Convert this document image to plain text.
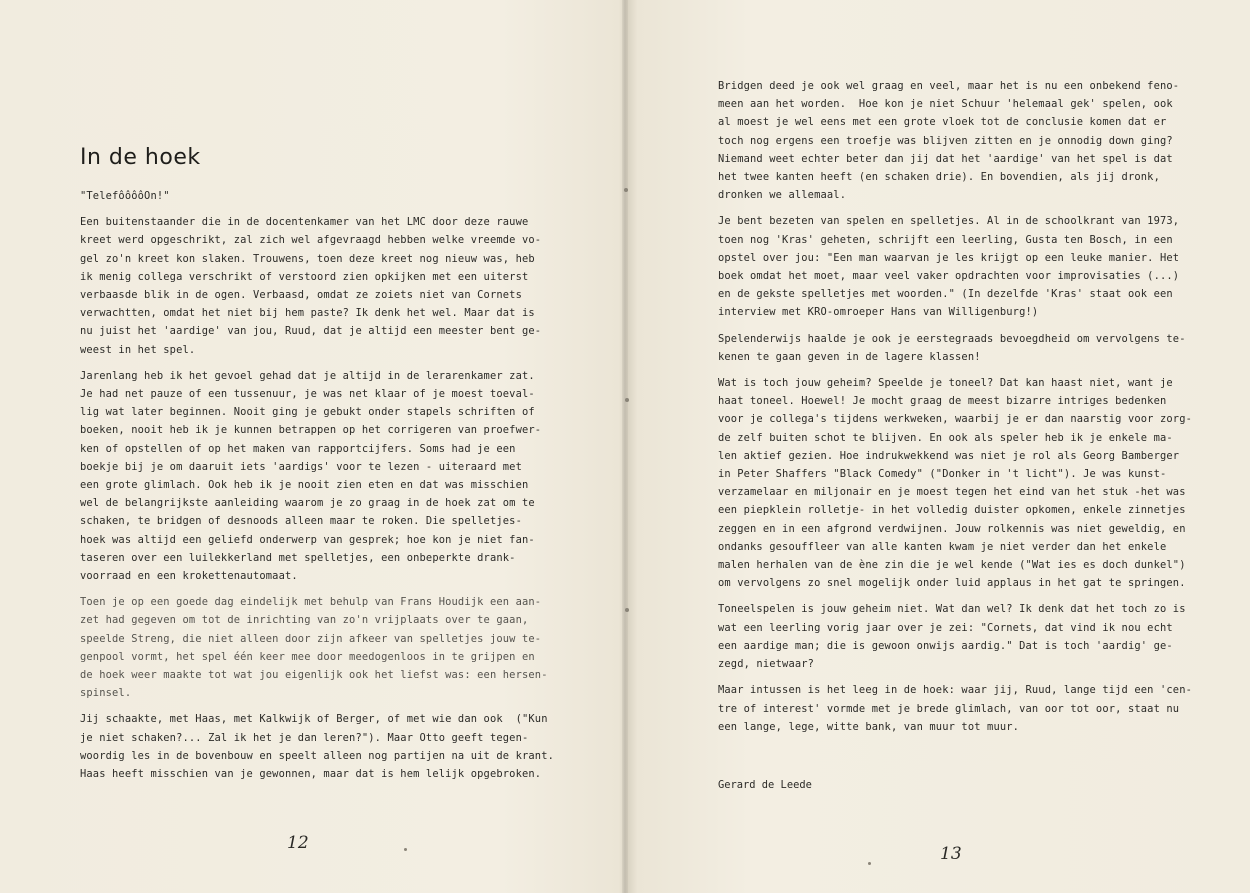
In de hoek

"TelefôôôôOn!"

Een buitenstaander die in de docentenkamer van het LMC door deze rauwe
kreet werd opgeschrikt, zal zich wel afgevraagd hebben welke vreemde vo-
gel zo'n kreet kon slaken. Trouwens, toen deze kreet nog nieuw was, heb
ik menig collega verschrikt of verstoord zien opkijken met een uiterst
verbaasde blik in de ogen. Verbaasd, omdat ze zoiets niet van Cornets
verwachtten, omdat het niet bij hem paste? Ik denk het wel. Maar dat is
nu juist het 'aardige' van jou, Ruud, dat je altijd een meester bent ge-
weest in het spel.

Jarenlang heb ik het gevoel gehad dat je altijd in de lerarenkamer zat.
Je had net pauze of een tussenuur, je was net klaar of je moest toeval-
lig wat later beginnen. Nooit ging je gebukt onder stapels schriften of
boeken, nooit heb ik je kunnen betrappen op het corrigeren van proefwer-
ken of opstellen of op het maken van rapportcijfers. Soms had je een
boekje bij je om daaruit iets 'aardigs' voor te lezen - uiteraard met
een grote glimlach. Ook heb ik je nooit zien eten en dat was misschien
wel de belangrijkste aanleiding waarom je zo graag in de hoek zat om te
schaken, te bridgen of desnoods alleen maar te roken. Die spelletjes-
hoek was altijd een geliefd onderwerp van gesprek; hoe kon je niet fan-
taseren over een luilekkerland met spelletjes, een onbeperkte drank-
voorraad en een krokettenautomaat.

Toen je op een goede dag eindelijk met behulp van Frans Houdijk een aan-
zet had gegeven om tot de inrichting van zo'n vrijplaats over te gaan,
speelde Streng, die niet alleen door zijn afkeer van spelletjes jouw te-
genpool vormt, het spel één keer mee door meedogenloos in te grijpen en
de hoek weer maakte tot wat jou eigenlijk ook het liefst was: een hersen-
spinsel.

Jij schaakte, met Haas, met Kalkwijk of Berger, of met wie dan ook  ("Kun
je niet schaken?... Zal ik het je dan leren?"). Maar Otto geeft tegen-
woordig les in de bovenbouw en speelt alleen nog partijen na uit de krant.
Haas heeft misschien van je gewonnen, maar dat is hem lelijk opgebroken.

12

Bridgen deed je ook wel graag en veel, maar het is nu een onbekend feno-
meen aan het worden.  Hoe kon je niet Schuur 'helemaal gek' spelen, ook
al moest je wel eens met een grote vloek tot de conclusie komen dat er
toch nog ergens een troefje was blijven zitten en je onnodig down ging?
Niemand weet echter beter dan jij dat het 'aardige' van het spel is dat
het twee kanten heeft (en schaken drie). En bovendien, als jij dronk,
dronken we allemaal.

Je bent bezeten van spelen en spelletjes. Al in de schoolkrant van 1973,
toen nog 'Kras' geheten, schrijft een leerling, Gusta ten Bosch, in een
opstel over jou: "Een man waarvan je les krijgt op een leuke manier. Het
boek omdat het moet, maar veel vaker opdrachten voor improvisaties (...)
en de gekste spelletjes met woorden." (In dezelfde 'Kras' staat ook een
interview met KRO-omroeper Hans van Willigenburg!)

Spelenderwijs haalde je ook je eerstegraads bevoegdheid om vervolgens te-
kenen te gaan geven in de lagere klassen!

Wat is toch jouw geheim? Speelde je toneel? Dat kan haast niet, want je
haat toneel. Hoewel! Je mocht graag de meest bizarre intriges bedenken
voor je collega's tijdens werkweken, waarbij je er dan naarstig voor zorg-
de zelf buiten schot te blijven. En ook als speler heb ik je enkele ma-
len aktief gezien. Hoe indrukwekkend was niet je rol als Georg Bamberger
in Peter Shaffers "Black Comedy" ("Donker in 't licht"). Je was kunst-
verzamelaar en miljonair en je moest tegen het eind van het stuk -het was
een piepklein rolletje- in het volledig duister opkomen, enkele zinnetjes
zeggen en in een afgrond verdwijnen. Jouw rolkennis was niet geweldig, en
ondanks gesouffleer van alle kanten kwam je niet verder dan het enkele
malen herhalen van de ène zin die je wel kende ("Wat ies es doch dunkel")
om vervolgens zo snel mogelijk onder luid applaus in het gat te springen.

Toneelspelen is jouw geheim niet. Wat dan wel? Ik denk dat het toch zo is
wat een leerling vorig jaar over je zei: "Cornets, dat vind ik nou echt
een aardige man; die is gewoon onwijs aardig." Dat is toch 'aardig' ge-
zegd, nietwaar?

Maar intussen is het leeg in de hoek: waar jij, Ruud, lange tijd een 'cen-
tre of interest' vormde met je brede glimlach, van oor tot oor, staat nu
een lange, lege, witte bank, van muur tot muur.

Gerard de Leede
13
